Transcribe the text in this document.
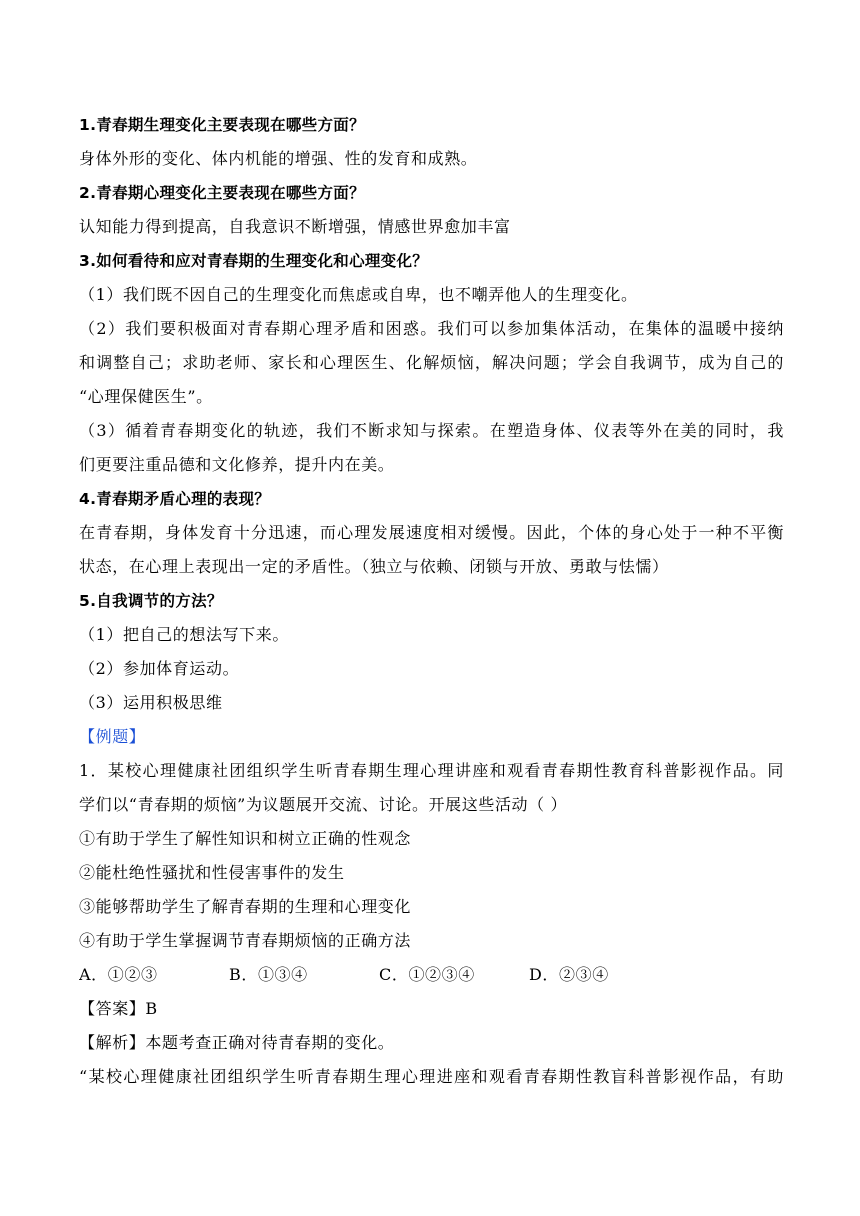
1.青春期生理变化主要表现在哪些方面？
身体外形的变化、体内机能的增强、性的发育和成熟。
2.青春期心理变化主要表现在哪些方面？
认知能力得到提高，自我意识不断增强，情感世界愈加丰富
3.如何看待和应对青春期的生理变化和心理变化？
（1）我们既不因自己的生理变化而焦虑或自卑，也不嘲弄他人的生理变化。
（2）我们要积极面对青春期心理矛盾和困惑。我们可以参加集体活动，在集体的温暖中接纳
和调整自己；求助老师、家长和心理医生、化解烦恼，解决问题；学会自我调节，成为自己的
“心理保健医生”。
（3）循着青春期变化的轨迹，我们不断求知与探索。在塑造身体、仪表等外在美的同时，我
们更要注重品德和文化修养，提升内在美。
4.青春期矛盾心理的表现？
在青春期，身体发育十分迅速，而心理发展速度相对缓慢。因此，个体的身心处于一种不平衡
状态，在心理上表现出一定的矛盾性。（独立与依赖、闭锁与开放、勇敢与怯懦）
5.自我调节的方法？
（1）把自己的想法写下来。
（2）参加体育运动。
（3）运用积极思维
【例题】
1．某校心理健康社团组织学生听青春期生理心理讲座和观看青春期性教育科普影视作品。同
学们以“青春期的烦恼”为议题展开交流、讨论。开展这些活动（ ）
①有助于学生了解性知识和树立正确的性观念
②能杜绝性骚扰和性侵害事件的发生
③能够帮助学生了解青春期的生理和心理变化
④有助于学生掌握调节青春期烦恼的正确方法
A．①②③	B．①③④	C．①②③④	D．②③④
【答案】B
【解析】本题考查正确对待青春期的变化。
“某校心理健康社团组织学生听青春期生理心理进座和观看青春期性教盲科普影视作品，有助
